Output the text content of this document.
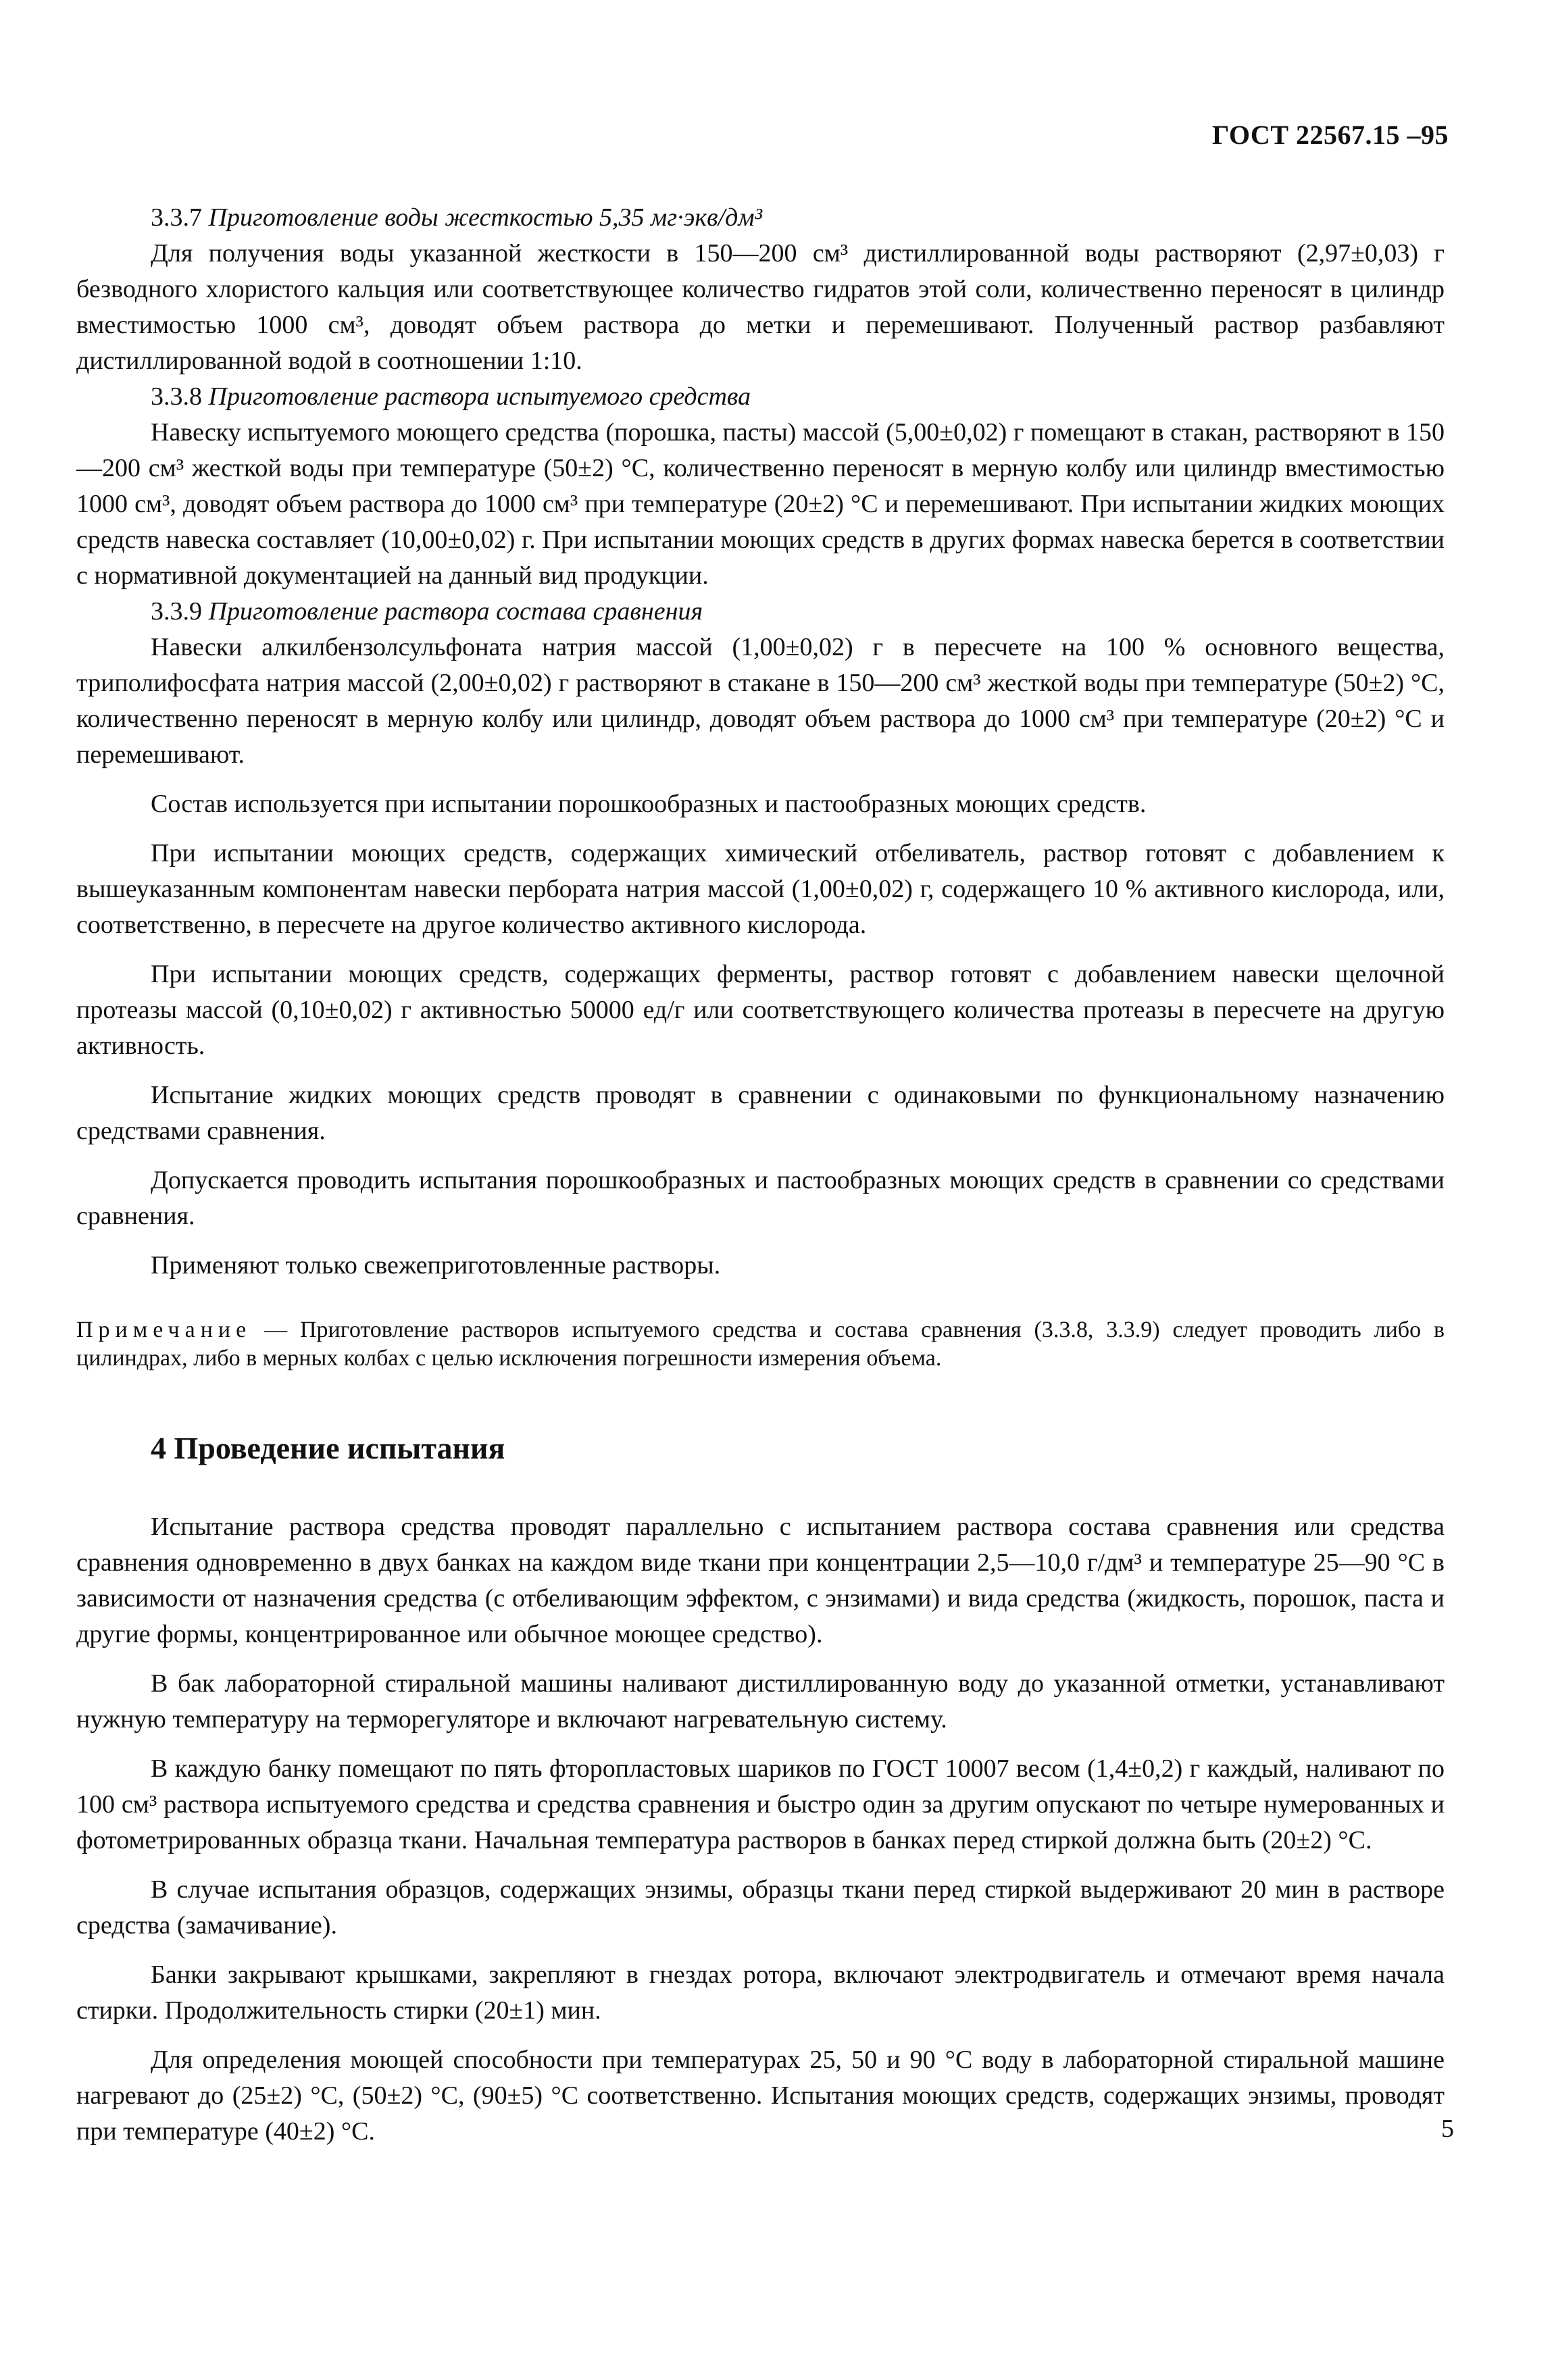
ГОСТ 22567.15 –95

3.3.7 Приготовление воды жесткостью 5,35 мг·экв/дм³

Для получения воды указанной жесткости в 150—200 см³ дистиллированной воды растворяют (2,97±0,03) г безводного хлористого кальция или соответствующее количество гидратов этой соли, количественно переносят в цилиндр вместимостью 1000 см³, доводят объем раствора до метки и перемешивают. Полученный раствор разбавляют дистиллированной водой в соотношении 1:10.

3.3.8 Приготовление раствора испытуемого средства

Навеску испытуемого моющего средства (порошка, пасты) массой (5,00±0,02) г помещают в стакан, растворяют в 150—200 см³ жесткой воды при температуре (50±2) °С, количественно переносят в мерную колбу или цилиндр вместимостью 1000 см³, доводят объем раствора до 1000 см³ при температуре (20±2) °С и перемешивают. При испытании жидких моющих средств навеска составляет (10,00±0,02) г. При испытании моющих средств в других формах навеска берется в соответствии с нормативной документацией на данный вид продукции.

3.3.9 Приготовление раствора состава сравнения

Навески алкилбензолсульфоната натрия массой (1,00±0,02) г в пересчете на 100 % основного вещества, триполифосфата натрия массой (2,00±0,02) г растворяют в стакане в 150—200 см³ жесткой воды при температуре (50±2) °С, количественно переносят в мерную колбу или цилиндр, доводят объем раствора до 1000 см³ при температуре (20±2) °С и перемешивают.

Состав используется при испытании порошкообразных и пастообразных моющих средств.

При испытании моющих средств, содержащих химический отбеливатель, раствор готовят с добавлением к вышеуказанным компонентам навески пербората натрия массой (1,00±0,02) г, содержащего 10 % активного кислорода, или, соответственно, в пересчете на другое количество активного кислорода.

При испытании моющих средств, содержащих ферменты, раствор готовят с добавлением навески щелочной протеазы массой (0,10±0,02) г активностью 50000 ед/г или соответствующего количества протеазы в пересчете на другую активность.

Испытание жидких моющих средств проводят в сравнении с одинаковыми по функциональному назначению средствами сравнения.

Допускается проводить испытания порошкообразных и пастообразных моющих средств в сравнении со средствами сравнения.

Применяют только свежеприготовленные растворы.

Примечание — Приготовление растворов испытуемого средства и состава сравнения (3.3.8, 3.3.9) следует проводить либо в цилиндрах, либо в мерных колбах с целью исключения погрешности измерения объема.
4 Проведение испытания

Испытание раствора средства проводят параллельно с испытанием раствора состава сравнения или средства сравнения одновременно в двух банках на каждом виде ткани при концентрации 2,5—10,0 г/дм³ и температуре 25—90 °С в зависимости от назначения средства (с отбеливающим эффектом, с энзимами) и вида средства (жидкость, порошок, паста и другие формы, концентрированное или обычное моющее средство).

В бак лабораторной стиральной машины наливают дистиллированную воду до указанной отметки, устанавливают нужную температуру на терморегуляторе и включают нагревательную систему.

В каждую банку помещают по пять фторопластовых шариков по ГОСТ 10007 весом (1,4±0,2) г каждый, наливают по 100 см³ раствора испытуемого средства и средства сравнения и быстро один за другим опускают по четыре нумерованных и фотометрированных образца ткани. Начальная температура растворов в банках перед стиркой должна быть (20±2) °С.

В случае испытания образцов, содержащих энзимы, образцы ткани перед стиркой выдерживают 20 мин в растворе средства (замачивание).

Банки закрывают крышками, закрепляют в гнездах ротора, включают электродвигатель и отмечают время начала стирки. Продолжительность стирки (20±1) мин.

Для определения моющей способности при температурах 25, 50 и 90 °С воду в лабораторной стиральной машине нагревают до (25±2) °С, (50±2) °С, (90±5) °С соответственно. Испытания моющих средств, содержащих энзимы, проводят при температуре (40±2) °С.	5
